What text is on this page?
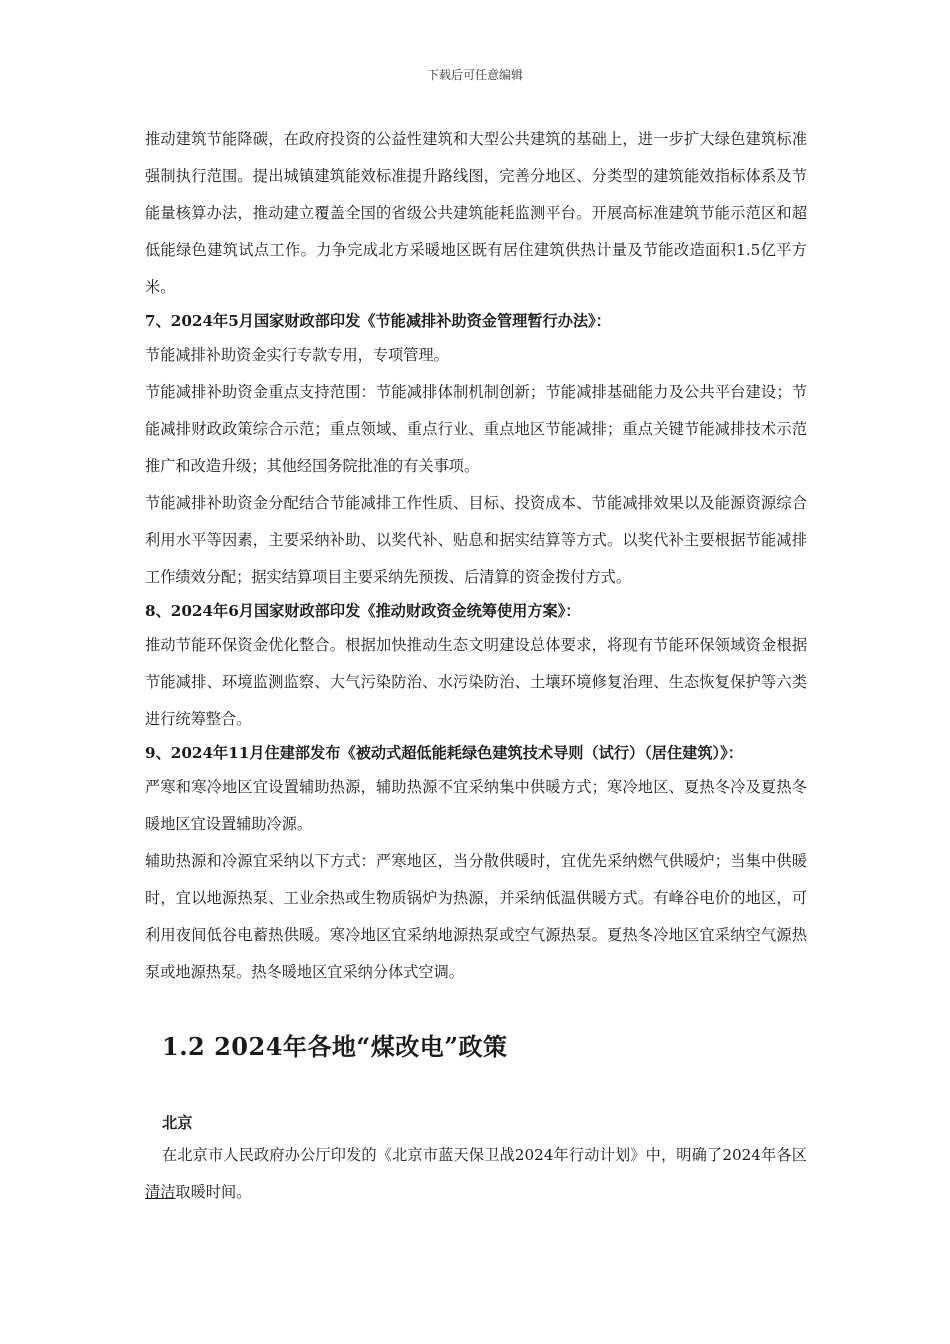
下载后可任意编辑

推动建筑节能降碳，在政府投资的公益性建筑和大型公共建筑的基础上，进一步扩大绿色建筑标准强制执行范围。提出城镇建筑能效标准提升路线图，完善分地区、分类型的建筑能效指标体系及节能量核算办法，推动建立覆盖全国的省级公共建筑能耗监测平台。开展高标准建筑节能示范区和超低能绿色建筑试点工作。力争完成北方采暖地区既有居住建筑供热计量及节能改造面积1.5亿平方米。

7、2024年5月国家财政部印发《节能减排补助资金管理暂行办法》：

节能减排补助资金实行专款专用，专项管理。

节能减排补助资金重点支持范围：节能减排体制机制创新；节能减排基础能力及公共平台建设；节能减排财政政策综合示范；重点领域、重点行业、重点地区节能减排；重点关键节能减排技术示范推广和改造升级；其他经国务院批准的有关事项。

节能减排补助资金分配结合节能减排工作性质、目标、投资成本、节能减排效果以及能源资源综合利用水平等因素，主要采纳补助、以奖代补、贴息和据实结算等方式。以奖代补主要根据节能减排工作绩效分配；据实结算项目主要采纳先预拨、后清算的资金拨付方式。

8、2024年6月国家财政部印发《推动财政资金统筹使用方案》：

推动节能环保资金优化整合。根据加快推动生态文明建设总体要求，将现有节能环保领域资金根据节能减排、环境监测监察、大气污染防治、水污染防治、土壤环境修复治理、生态恢复保护等六类进行统筹整合。

9、2024年11月住建部发布《被动式超低能耗绿色建筑技术导则（试行）（居住建筑）》：

严寒和寒冷地区宜设置辅助热源，辅助热源不宜采纳集中供暖方式；寒冷地区、夏热冬冷及夏热冬暖地区宜设置辅助冷源。

辅助热源和冷源宜采纳以下方式：严寒地区，当分散供暖时，宜优先采纳燃气供暖炉；当集中供暖时，宜以地源热泵、工业余热或生物质锅炉为热源，并采纳低温供暖方式。有峰谷电价的地区，可利用夜间低谷电蓄热供暖。寒冷地区宜采纳地源热泵或空气源热泵。夏热冬冷地区宜采纳空气源热泵或地源热泵。热冬暖地区宜采纳分体式空调。

1.2 2024年各地“煤改电”政策
北京

在北京市人民政府办公厅印发的《北京市蓝天保卫战2024年行动计划》中，明确了2024年各区清洁取暖时间。
